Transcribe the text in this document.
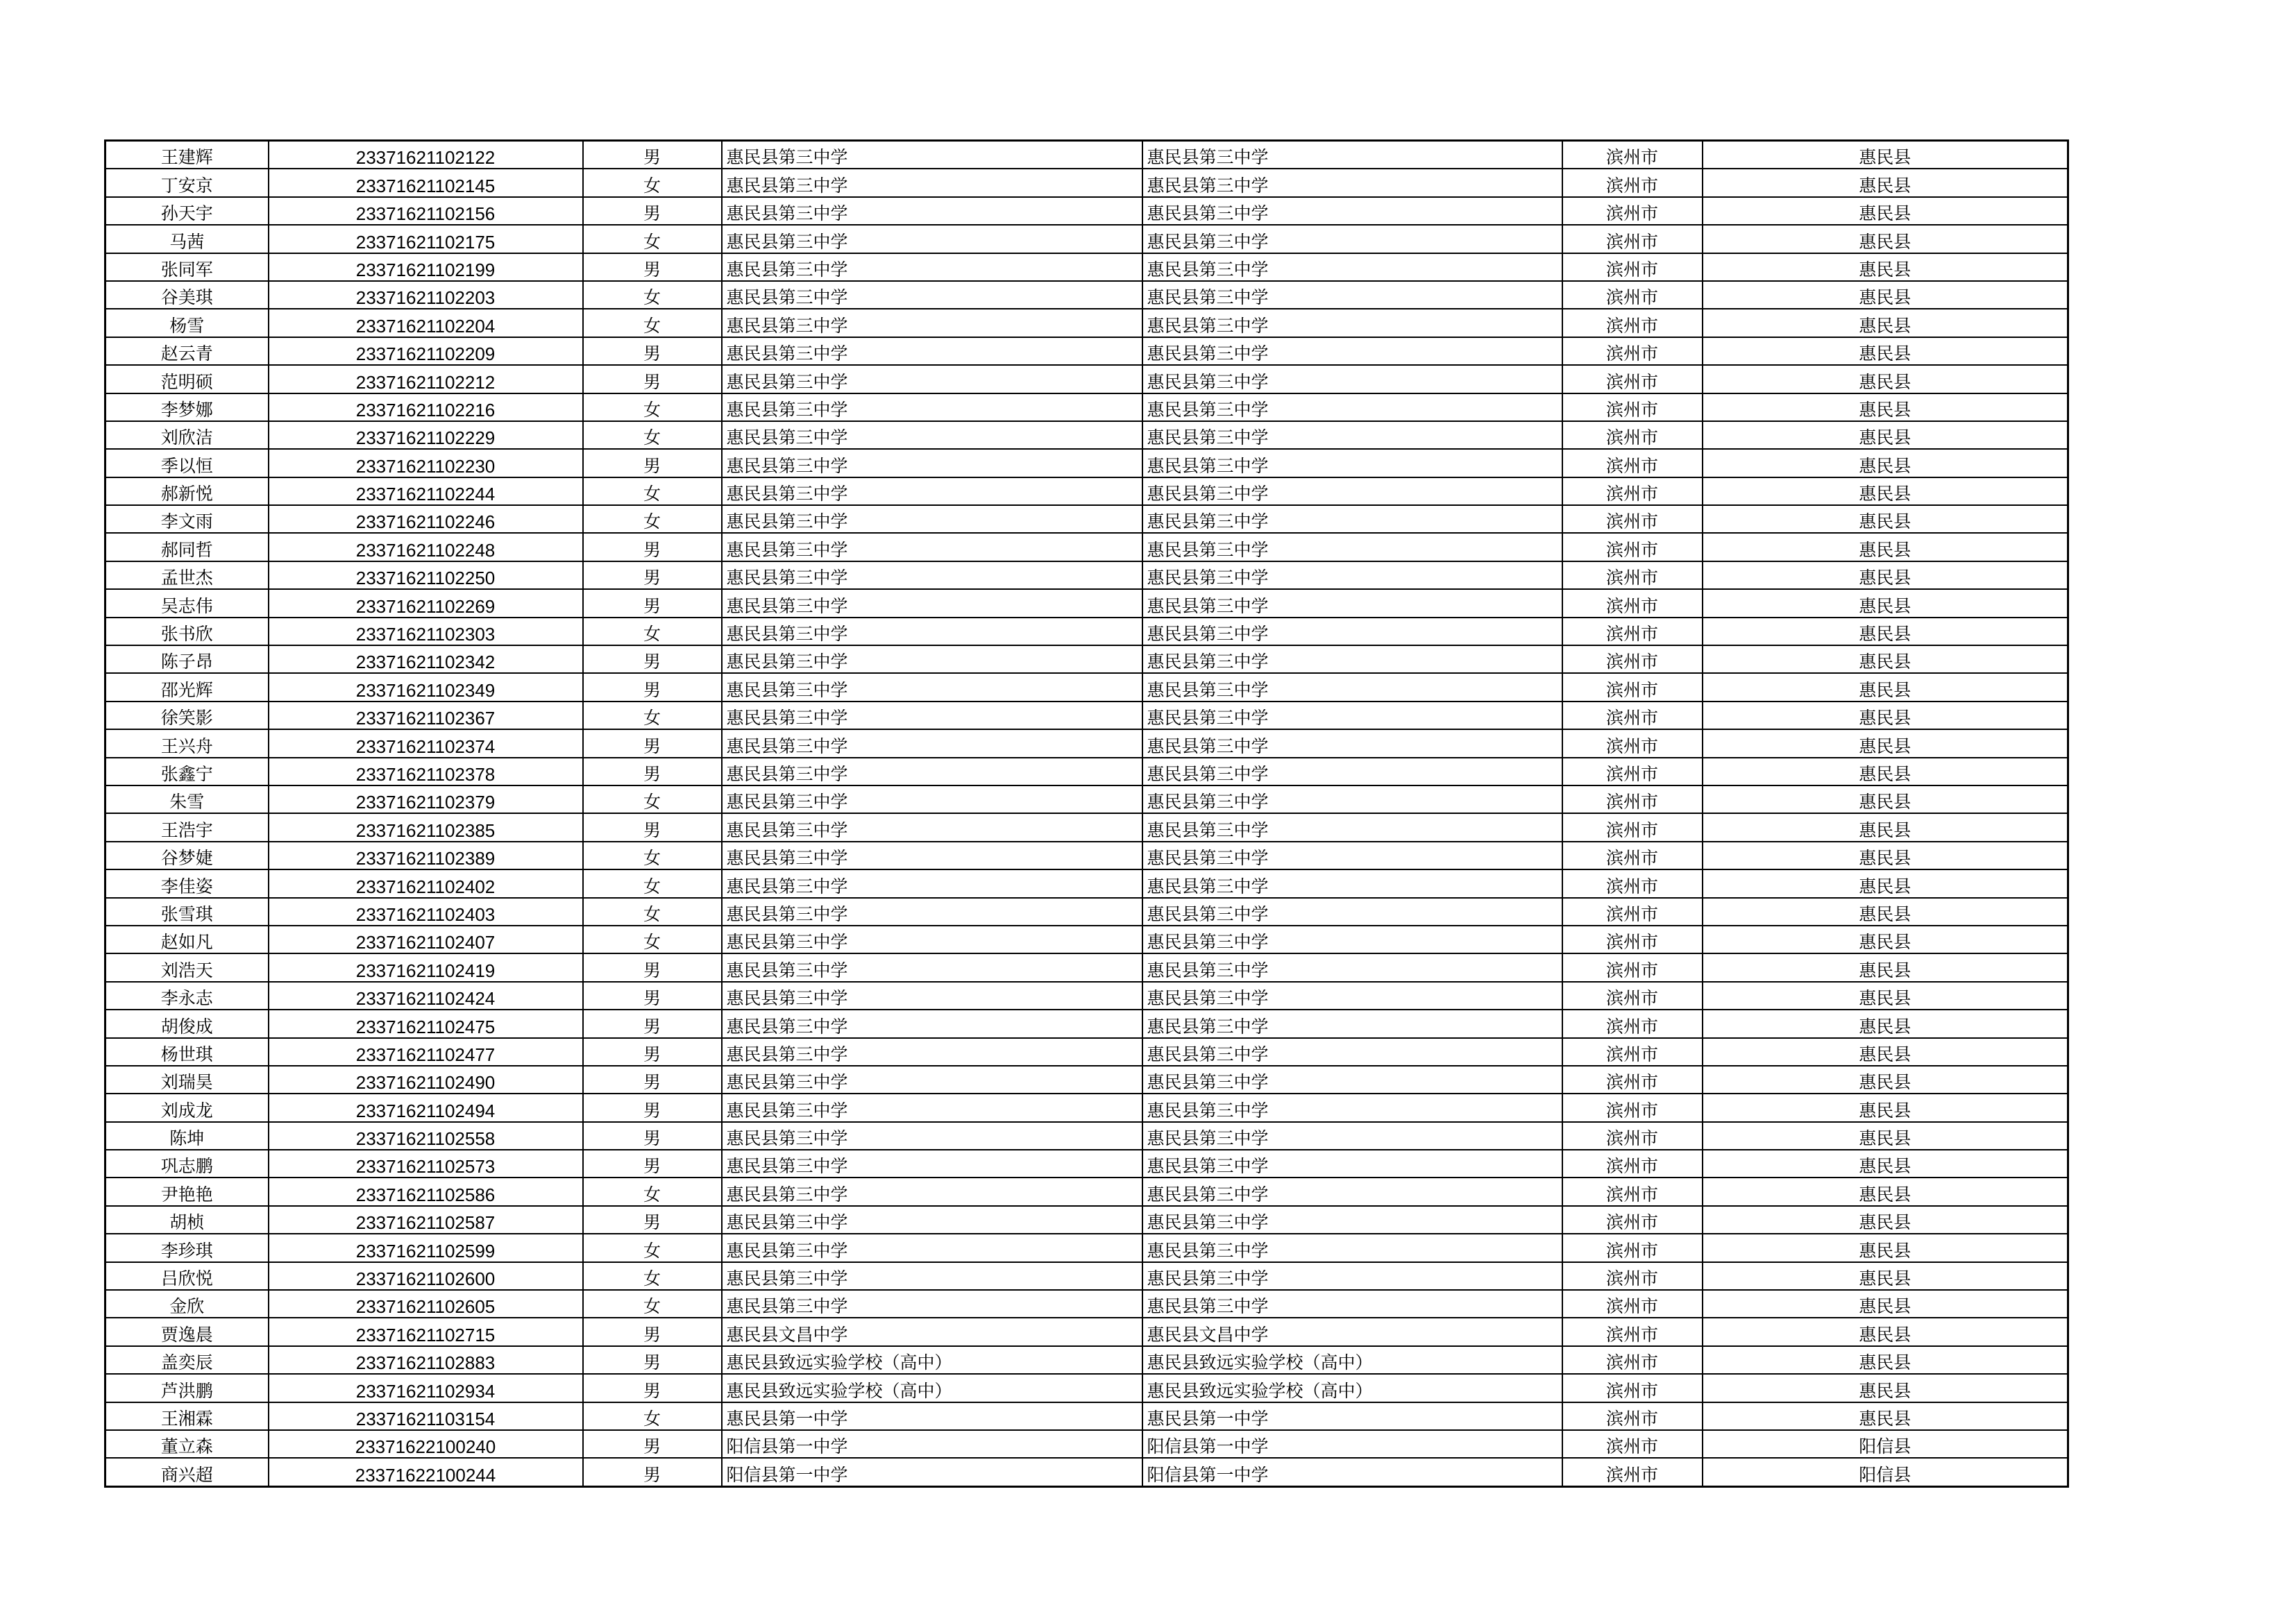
王建辉	23371621102122	男	惠民县第三中学	惠民县第三中学	滨州市	惠民县
丁安京	23371621102145	女	惠民县第三中学	惠民县第三中学	滨州市	惠民县
孙天宇	23371621102156	男	惠民县第三中学	惠民县第三中学	滨州市	惠民县
马茜	23371621102175	女	惠民县第三中学	惠民县第三中学	滨州市	惠民县
张同军	23371621102199	男	惠民县第三中学	惠民县第三中学	滨州市	惠民县
谷美琪	23371621102203	女	惠民县第三中学	惠民县第三中学	滨州市	惠民县
杨雪	23371621102204	女	惠民县第三中学	惠民县第三中学	滨州市	惠民县
赵云青	23371621102209	男	惠民县第三中学	惠民县第三中学	滨州市	惠民县
范明硕	23371621102212	男	惠民县第三中学	惠民县第三中学	滨州市	惠民县
李梦娜	23371621102216	女	惠民县第三中学	惠民县第三中学	滨州市	惠民县
刘欣洁	23371621102229	女	惠民县第三中学	惠民县第三中学	滨州市	惠民县
季以恒	23371621102230	男	惠民县第三中学	惠民县第三中学	滨州市	惠民县
郝新悦	23371621102244	女	惠民县第三中学	惠民县第三中学	滨州市	惠民县
李文雨	23371621102246	女	惠民县第三中学	惠民县第三中学	滨州市	惠民县
郝同哲	23371621102248	男	惠民县第三中学	惠民县第三中学	滨州市	惠民县
孟世杰	23371621102250	男	惠民县第三中学	惠民县第三中学	滨州市	惠民县
吴志伟	23371621102269	男	惠民县第三中学	惠民县第三中学	滨州市	惠民县
张书欣	23371621102303	女	惠民县第三中学	惠民县第三中学	滨州市	惠民县
陈子昂	23371621102342	男	惠民县第三中学	惠民县第三中学	滨州市	惠民县
邵光辉	23371621102349	男	惠民县第三中学	惠民县第三中学	滨州市	惠民县
徐笑影	23371621102367	女	惠民县第三中学	惠民县第三中学	滨州市	惠民县
王兴舟	23371621102374	男	惠民县第三中学	惠民县第三中学	滨州市	惠民县
张鑫宁	23371621102378	男	惠民县第三中学	惠民县第三中学	滨州市	惠民县
朱雪	23371621102379	女	惠民县第三中学	惠民县第三中学	滨州市	惠民县
王浩宇	23371621102385	男	惠民县第三中学	惠民县第三中学	滨州市	惠民县
谷梦婕	23371621102389	女	惠民县第三中学	惠民县第三中学	滨州市	惠民县
李佳姿	23371621102402	女	惠民县第三中学	惠民县第三中学	滨州市	惠民县
张雪琪	23371621102403	女	惠民县第三中学	惠民县第三中学	滨州市	惠民县
赵如凡	23371621102407	女	惠民县第三中学	惠民县第三中学	滨州市	惠民县
刘浩天	23371621102419	男	惠民县第三中学	惠民县第三中学	滨州市	惠民县
李永志	23371621102424	男	惠民县第三中学	惠民县第三中学	滨州市	惠民县
胡俊成	23371621102475	男	惠民县第三中学	惠民县第三中学	滨州市	惠民县
杨世琪	23371621102477	男	惠民县第三中学	惠民县第三中学	滨州市	惠民县
刘瑞昊	23371621102490	男	惠民县第三中学	惠民县第三中学	滨州市	惠民县
刘成龙	23371621102494	男	惠民县第三中学	惠民县第三中学	滨州市	惠民县
陈坤	23371621102558	男	惠民县第三中学	惠民县第三中学	滨州市	惠民县
巩志鹏	23371621102573	男	惠民县第三中学	惠民县第三中学	滨州市	惠民县
尹艳艳	23371621102586	女	惠民县第三中学	惠民县第三中学	滨州市	惠民县
胡桢	23371621102587	男	惠民县第三中学	惠民县第三中学	滨州市	惠民县
李珍琪	23371621102599	女	惠民县第三中学	惠民县第三中学	滨州市	惠民县
吕欣悦	23371621102600	女	惠民县第三中学	惠民县第三中学	滨州市	惠民县
金欣	23371621102605	女	惠民县第三中学	惠民县第三中学	滨州市	惠民县
贾逸晨	23371621102715	男	惠民县文昌中学	惠民县文昌中学	滨州市	惠民县
盖奕辰	23371621102883	男	惠民县致远实验学校（高中）	惠民县致远实验学校（高中）	滨州市	惠民县
芦洪鹏	23371621102934	男	惠民县致远实验学校（高中）	惠民县致远实验学校（高中）	滨州市	惠民县
王湘霖	23371621103154	女	惠民县第一中学	惠民县第一中学	滨州市	惠民县
董立森	23371622100240	男	阳信县第一中学	阳信县第一中学	滨州市	阳信县
商兴超	23371622100244	男	阳信县第一中学	阳信县第一中学	滨州市	阳信县
